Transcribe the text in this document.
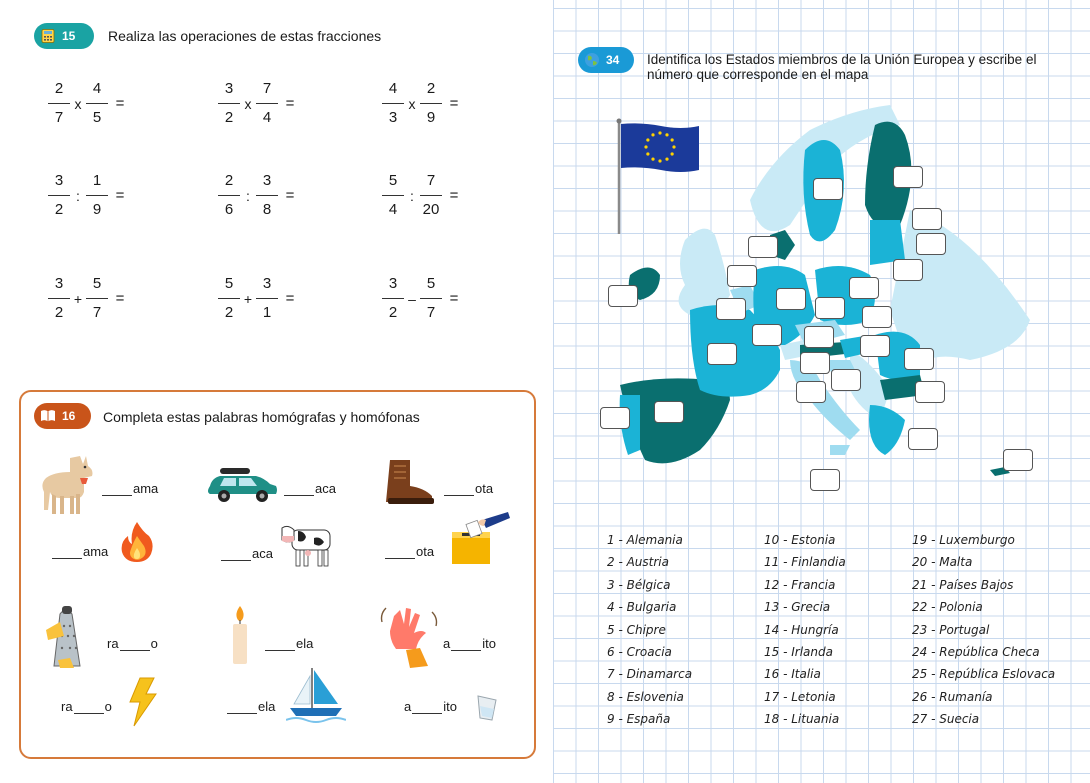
15 Realiza las operaciones de estas fracciones
$\frac{2}{7}$ x $\frac{4}{5}$ =	$\frac{3}{2}$ x $\frac{7}{4}$ =	$\frac{4}{3}$ x $\frac{2}{9}$ =
$\frac{3}{2}$ : $\frac{1}{9}$ =	$\frac{2}{6}$ : $\frac{3}{8}$ =	$\frac{5}{4}$ : $\frac{7}{20}$ =
$\frac{3}{2} + \frac{5}{7}$ =	$\frac{5}{2} + \frac{3}{1}$ =	$\frac{3}{2} - \frac{5}{7}$ =
16 Completa estas palabras homógrafas y homófonas
ama
ama
aca
aca
ota
ota
ra o
ra o
ela
ela
a ito
a ito
34 Identifica los Estados miembros de la Unión Europea y escribe el
número que corresponde en el mapa
1 - Alemania
2 - Austria
3 - Bélgica
4 - Bulgaria
5 - Chipre
6 - Croacia
7 - Dinamarca
8 - Eslovenia
9 - España
10 - Estonia
11 - Finlandia
12 - Francia
13 - Grecia
14 - Hungría
15 - Irlanda
16 - Italia
17 - Letonia
18 - Lituania
19 - Luxemburgo
20 - Malta
21 - Países Bajos
22 - Polonia
23 - Portugal
24 - República Checa
25 - República Eslovaca
26 - Rumanía
27 - Suecia
